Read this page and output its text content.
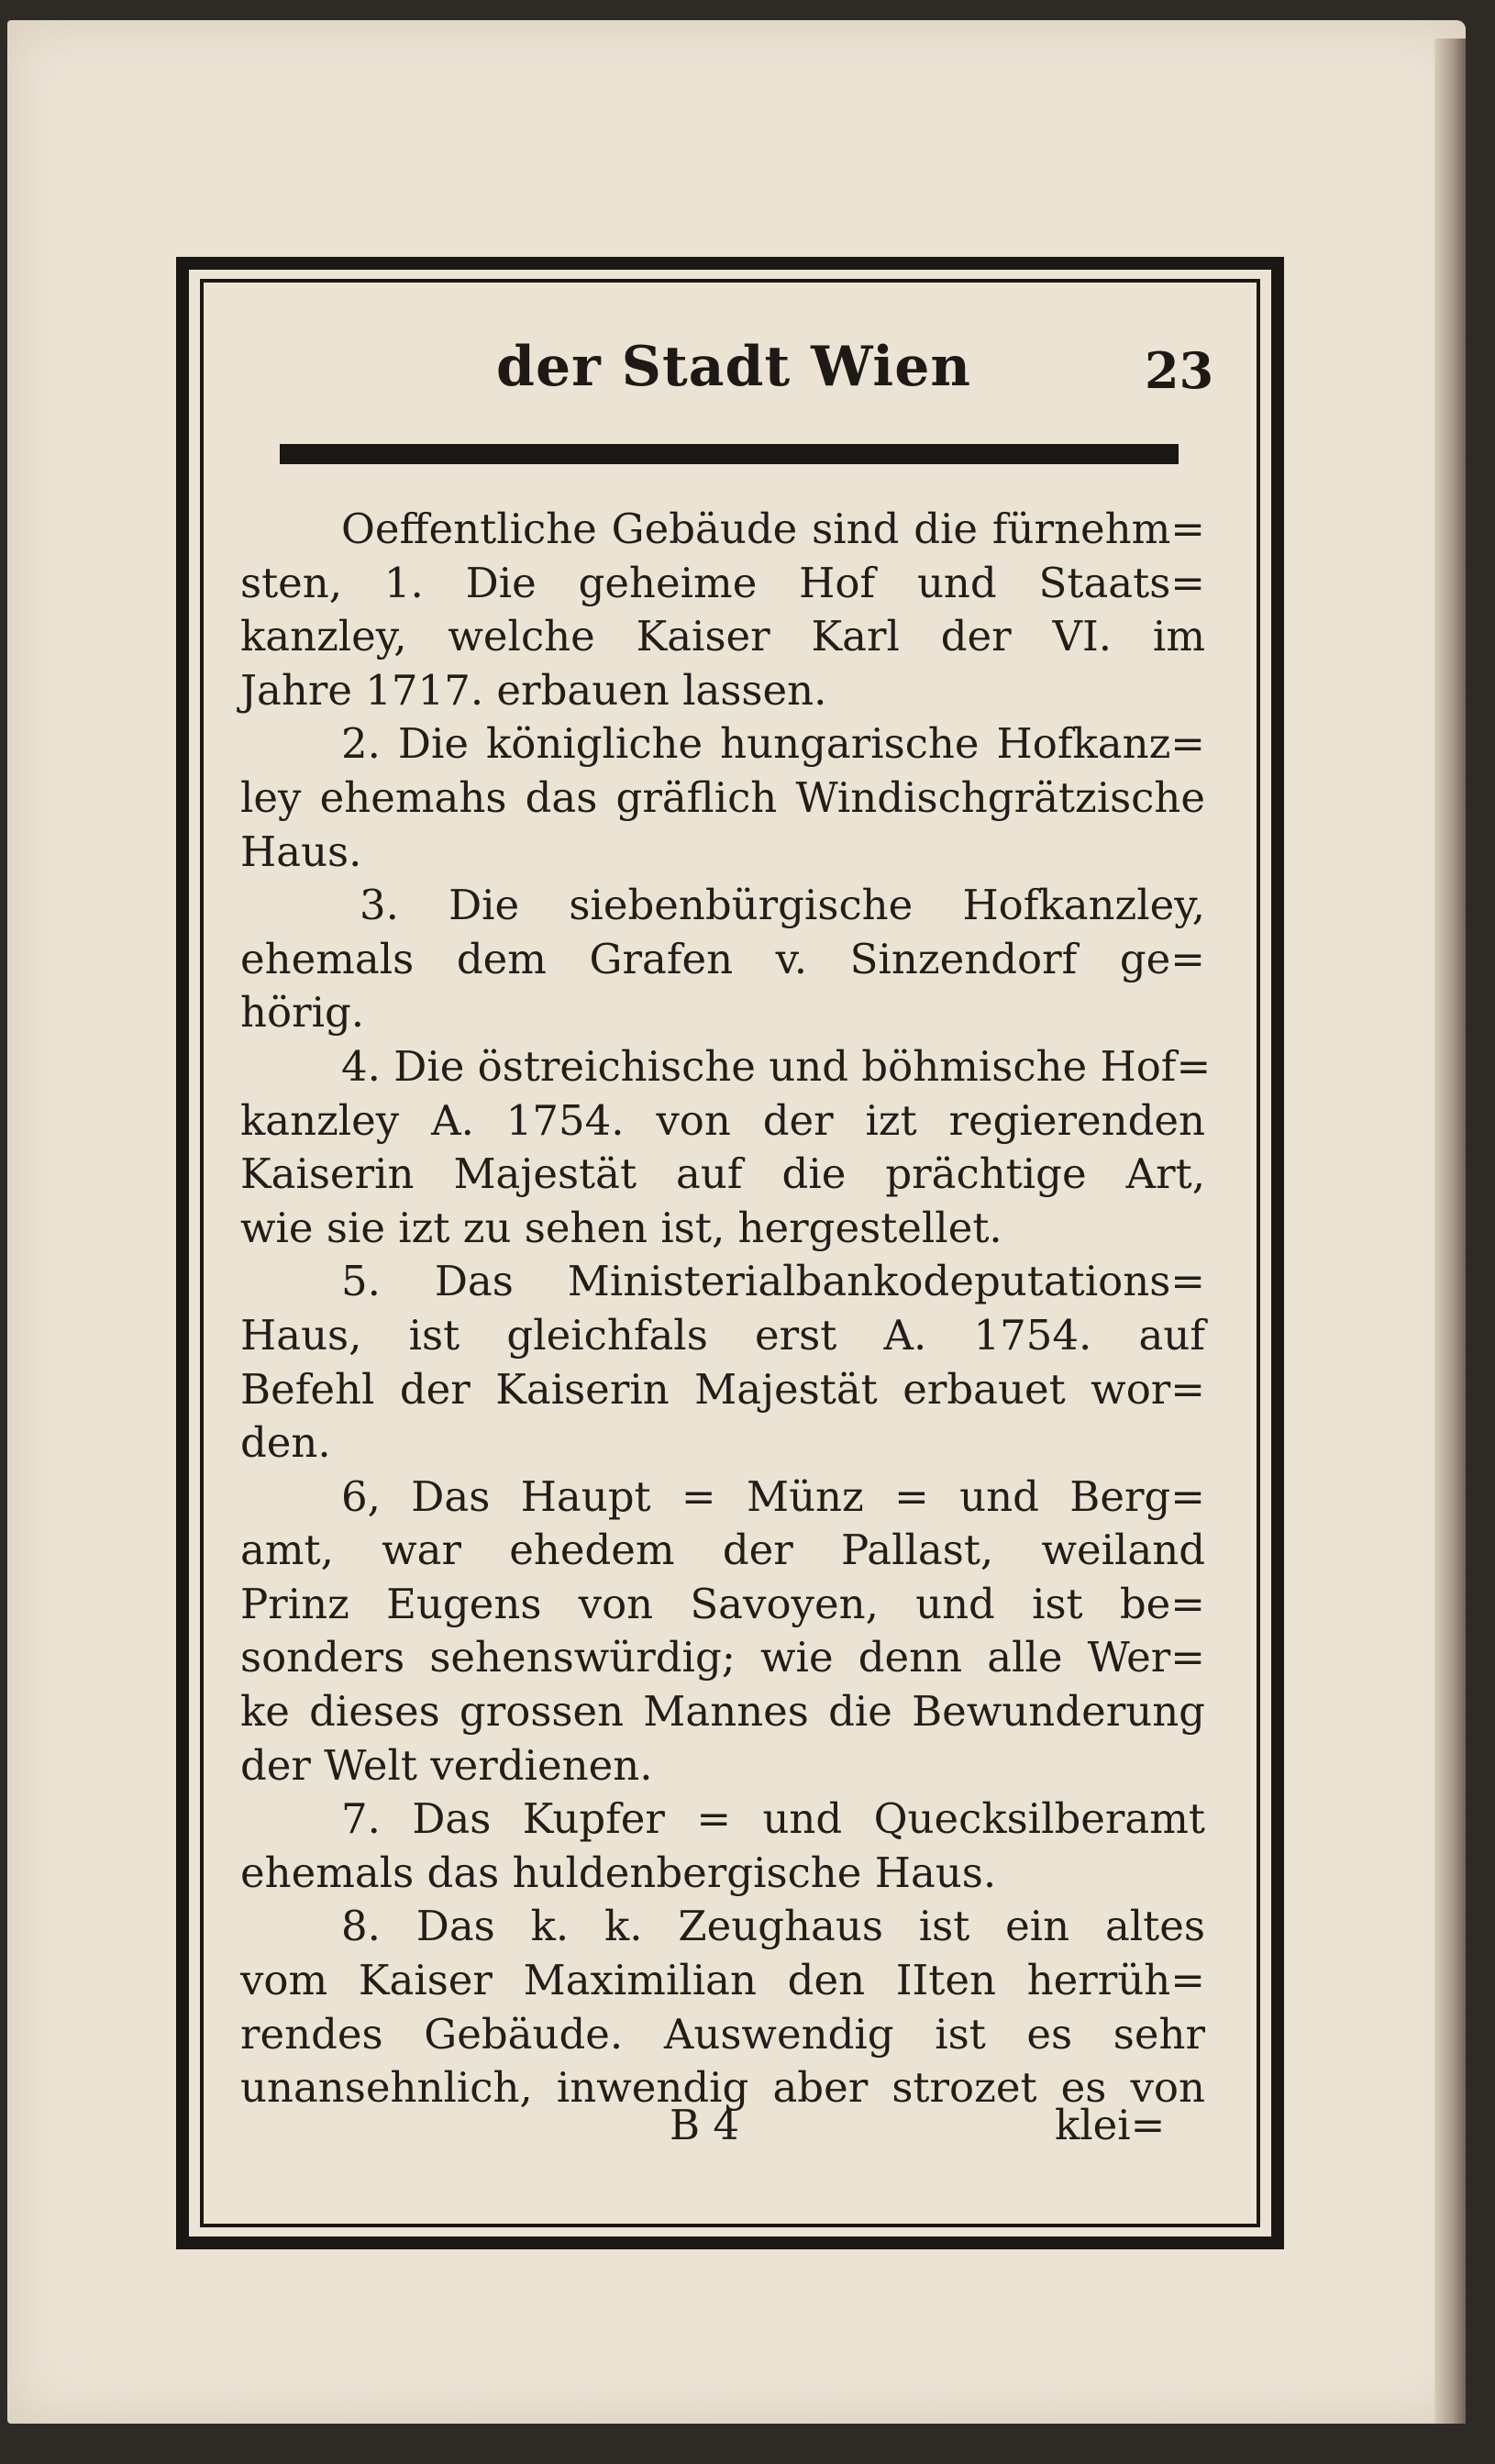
der Stadt Wien	23
Oeffentliche Gebäude sind die fürnehm=
sten, 1. Die geheime Hof und Staats=
kanzley, welche Kaiser Karl der VI. im
Jahre 1717. erbauen lassen.
2. Die königliche hungarische Hofkanz=
ley ehemahs das gräflich Windischgrätzische
Haus.
3. Die siebenbürgische Hofkanzley,
ehemals dem Grafen v. Sinzendorf ge=
hörig.
4. Die östreichische und böhmische Hof=
kanzley A. 1754. von der izt regierenden
Kaiserin Majestät auf die prächtige Art,
wie sie izt zu sehen ist, hergestellet.
5. Das Ministerialbankodeputations=
Haus, ist gleichfals erst A. 1754. auf
Befehl der Kaiserin Majestät erbauet wor=
den.
6, Das Haupt = Münz = und Berg=
amt, war ehedem der Pallast, weiland
Prinz Eugens von Savoyen, und ist be=
sonders sehenswürdig; wie denn alle Wer=
ke dieses grossen Mannes die Bewunderung
der Welt verdienen.
7. Das Kupfer = und Quecksilberamt
ehemals das huldenbergische Haus.
8. Das k. k. Zeughaus ist ein altes
vom Kaiser Maximilian den IIten herrüh=
rendes Gebäude. Auswendig ist es sehr
unansehnlich, inwendig aber strozet es von
B 4	klei=
